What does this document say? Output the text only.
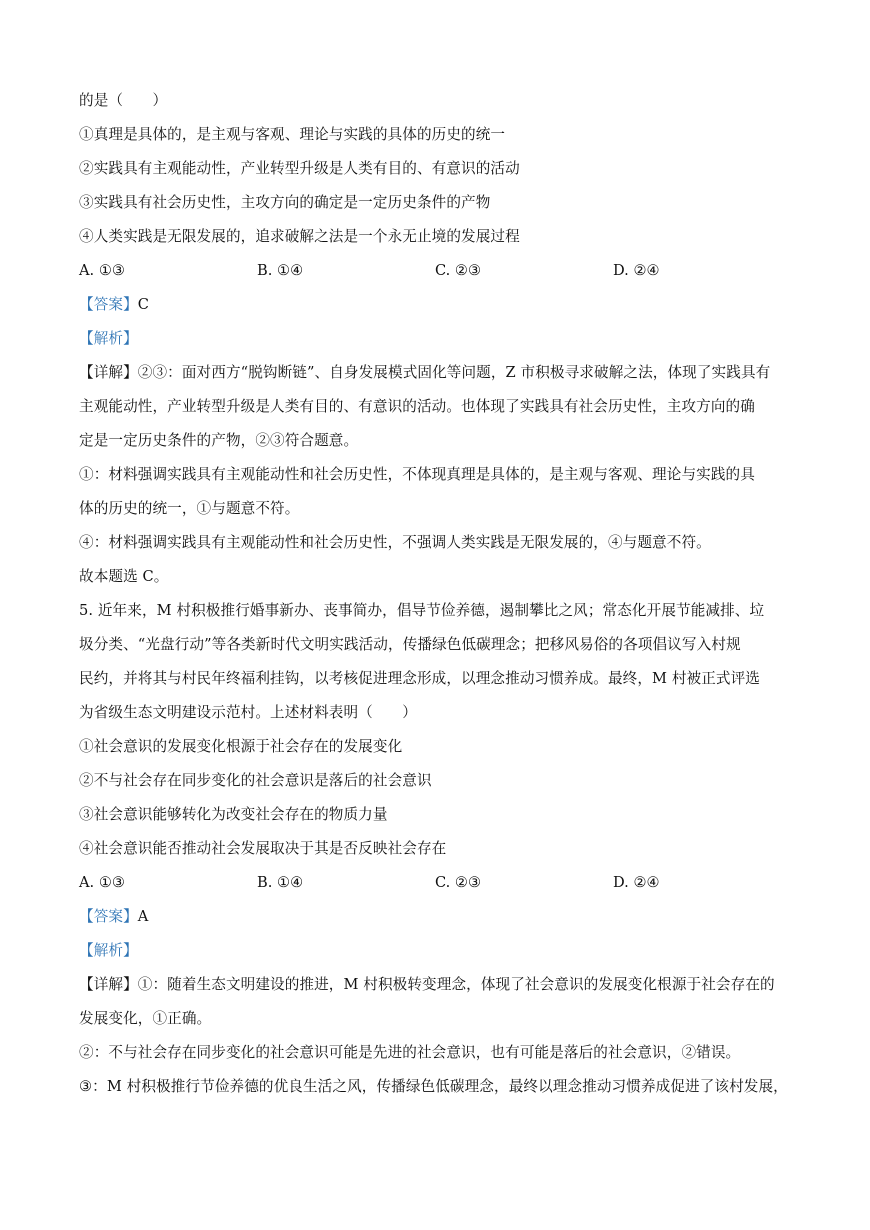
的是（　　）
①真理是具体的，是主观与客观、理论与实践的具体的历史的统一
②实践具有主观能动性，产业转型升级是人类有目的、有意识的活动
③实践具有社会历史性，主攻方向的确定是一定历史条件的产物
④人类实践是无限发展的，追求破解之法是一个永无止境的发展过程
A. ①③	B. ①④	C. ②③	D. ②④
【答案】C
【解析】
【详解】②③：面对西方“脱钩断链”、自身发展模式固化等问题，Z 市积极寻求破解之法，体现了实践具有
主观能动性，产业转型升级是人类有目的、有意识的活动。也体现了实践具有社会历史性，主攻方向的确
定是一定历史条件的产物，②③符合题意。
①：材料强调实践具有主观能动性和社会历史性，不体现真理是具体的，是主观与客观、理论与实践的具
体的历史的统一，①与题意不符。
④：材料强调实践具有主观能动性和社会历史性，不强调人类实践是无限发展的，④与题意不符。
故本题选 C。
5. 近年来，M 村积极推行婚事新办、丧事简办，倡导节俭养德，遏制攀比之风；常态化开展节能减排、垃
圾分类、“光盘行动”等各类新时代文明实践活动，传播绿色低碳理念；把移风易俗的各项倡议写入村规
民约，并将其与村民年终福利挂钩，以考核促进理念形成，以理念推动习惯养成。最终，M 村被正式评选
为省级生态文明建设示范村。上述材料表明（　　）
①社会意识的发展变化根源于社会存在的发展变化
②不与社会存在同步变化的社会意识是落后的社会意识
③社会意识能够转化为改变社会存在的物质力量
④社会意识能否推动社会发展取决于其是否反映社会存在
A. ①③	B. ①④	C. ②③	D. ②④
【答案】A
【解析】
【详解】①：随着生态文明建设的推进，M 村积极转变理念，体现了社会意识的发展变化根源于社会存在的
发展变化，①正确。
②：不与社会存在同步变化的社会意识可能是先进的社会意识，也有可能是落后的社会意识，②错误。
③：M 村积极推行节俭养德的优良生活之风，传播绿色低碳理念，最终以理念推动习惯养成促进了该村发展，
